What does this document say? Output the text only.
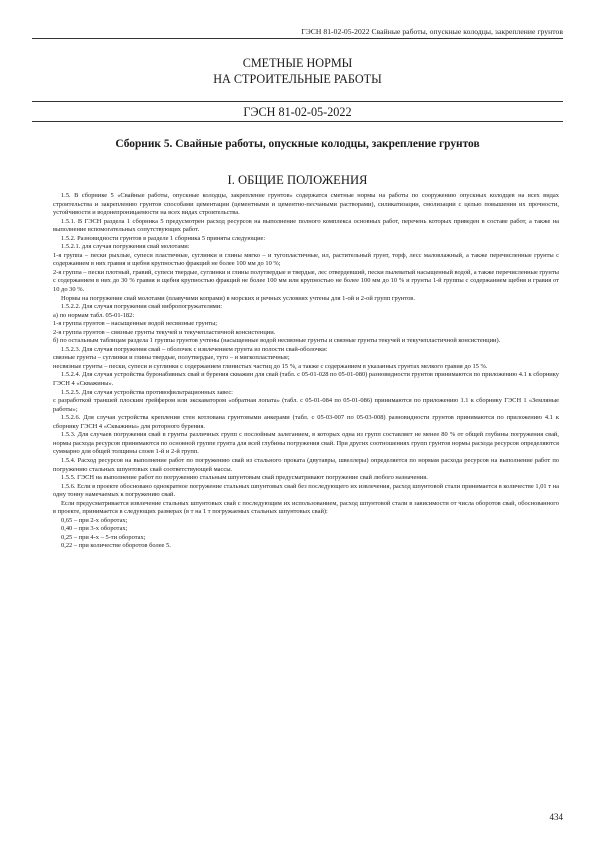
ГЭСН 81-02-05-2022 Свайные работы, опускные колодцы, закрепление грунтов
СМЕТНЫЕ НОРМЫ
НА СТРОИТЕЛЬНЫЕ РАБОТЫ
ГЭСН 81-02-05-2022
Сборник 5. Свайные работы, опускные колодцы, закрепление грунтов
I. ОБЩИЕ ПОЛОЖЕНИЯ

1.5. В сборнике 5 «Свайные работы, опускные колодцы, закрепление грунтов» содержатся сметные нормы на работы по сооружению опускных колодцев на всех видах строительства и закреплению грунтов способами цементации (цементными и цементно-песчаными растворами), силикатизации, смолизации с целью повышения их прочности, устойчивости и водонепроницаемости на всех видах строительства.

1.5.1. В ГЭСН раздела 1 сборника 5 предусмотрен расход ресурсов на выполнение полного комплекса основных работ, перечень которых приведен в составе работ, а также на выполнение вспомогательных сопутствующих работ.

1.5.2. Разновидности грунтов в разделе 1 сборника 5 приняты следующие:

1.5.2.1. для случая погружения свай молотами:

1-я группа – пески рыхлые, супеси пластичные, суглинки и глины мягко – и тугопластичные, ил, растительный грунт, торф, лесс маловлажный, а также перечисленные грунты с содержанием в них гравия и щебня крупностью фракций не более 100 мм до 10 %;

2-я группа – пески плотный, гравий, супеси твердые, суглинки и глины полутвердые и твердые, лес отвердевший, пески пылеватый насыщенный водой, а также перечисленные грунты с содержанием в них до 30 % гравия и щебня крупностью фракций не более 100 мм или крупностью не более 100 мм до 10 % и грунты 1-й группы с содержанием щебня и гравия от 10 до 30 %.

Нормы на погружение свай молотами (плавучими копрами) в морских и речных условиях учтены для 1-ой и 2-ой групп грунтов.

1.5.2.2. Для случая погружения свай вибропогружателями:

а) по нормам табл. 05-01-182:

1-я группа грунтов – насыщенные водой несвязные грунты;

2-я группа грунтов – связные грунты текучей и текучепластичной консистенции.

б) по остальным таблицам раздела 1 группы грунтов учтены (насыщенные водой несвязные грунты и связные грунты текучей и текучепластичной консистенции).

1.5.2.3. Для случая погружения свай – оболочек с извлечением грунта из полости свай-оболочки:

связные грунты – суглинки и глины твердые, полутвердые, туго – и мягкопластичные;

несвязные грунты – пески, супеси и суглинки с содержанием глинистых частиц до 15 %, а также с содержанием в указанных грунтах мелкого гравия до 15 %.

1.5.2.4. Для случая устройства буронабивных свай и бурения скважин для свай (табл. с 05-01-028 по 05-01-080) разновидности грунтов принимаются по приложению 4.1 к сборнику ГЭСН 4 «Скважины».

1.5.2.5. Для случая устройства противофильтрационных завес:

с разработкой траншей плоским грейфером или экскаватором «обратная лопата» (табл. с 05-01-084 по 05-01-086) принимаются по приложению 1.1 к сборнику ГЭСН 1 «Земляные работы»;

1.5.2.6. Для случая устройства крепления стен котлована грунтовыми анкерами (табл. с 05-03-007 по 05-03-008) разновидности грунтов принимаются по приложению 4.1 к сборнику ГЭСН 4 «Скважины» для роторного бурения.

1.5.3. Для случаев погружения свай в грунты различных групп с послойным залеганием, в которых одна из групп составляет не менее 80 % от общей глубины погружения свай, нормы расхода ресурсов принимаются по основной группе грунта для всей глубины погружения свай. При других соотношениях групп грунтов нормы расхода ресурсов определяются суммарно для общей толщины слоев 1-й и 2-й групп.

1.5.4. Расход ресурсов на выполнение работ по погружению свай из стального проката (двутавры, швеллеры) определяется по нормам расхода ресурсов на выполнение работ по погружению стальных шпунтовых свай соответствующей массы.

1.5.5. ГЭСН на выполнение работ по погружению стальным шпунтовым свай предусматривают погружение свай любого назначения.

1.5.6. Если в проекте обосновано однократное погружение стальных шпунтовых свай без последующего их извлечения, расход шпунтовой стали принимается в количестве 1,01 т на одну тонну намечаемых к погружению свай.

Если предусматривается извлечение стальных шпунтовых свай с последующим их использованием, расход шпунтовой стали в зависимости от числа оборотов свай, обоснованного в проекте, принимается в следующих размерах (в т на 1 т погружаемых стальных шпунтовых свай):

0,65 – при 2-х оборотах;

0,40 – при 3-х оборотах;

0,25 – при 4-х – 5-ти оборотах;

0,22 – при количестве оборотов более 5.

434
